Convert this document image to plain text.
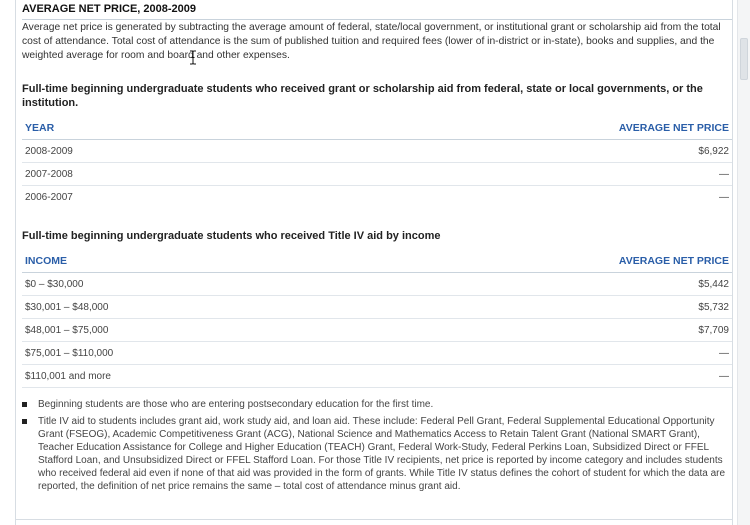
AVERAGE NET PRICE, 2008-2009
Average net price is generated by subtracting the average amount of federal, state/local government, or institutional grant or scholarship aid from the total cost of attendance. Total cost of attendance is the sum of published tuition and required fees (lower of in-district or in-state), books and supplies, and the weighted average for room and board and other expenses.
Full-time beginning undergraduate students who received grant or scholarship aid from federal, state or local governments, or the institution.
YEAR	AVERAGE NET PRICE
2008-2009	$6,922
2007-2008	—
2006-2007	—
Full-time beginning undergraduate students who received Title IV aid by income
INCOME	AVERAGE NET PRICE
$0 – $30,000	$5,442
$30,001 – $48,000	$5,732
$48,001 – $75,000	$7,709
$75,001 – $110,000	—
$110,001 and more	—
Beginning students are those who are entering postsecondary education for the first time.
Title IV aid to students includes grant aid, work study aid, and loan aid. These include: Federal Pell Grant, Federal Supplemental Educational Opportunity Grant (FSEOG), Academic Competitiveness Grant (ACG), National Science and Mathematics Access to Retain Talent Grant (National SMART Grant), Teacher Education Assistance for College and Higher Education (TEACH) Grant, Federal Work-Study, Federal Perkins Loan, Subsidized Direct or FFEL Stafford Loan, and Unsubsidized Direct or FFEL Stafford Loan. For those Title IV recipients, net price is reported by income category and includes students who received federal aid even if none of that aid was provided in the form of grants. While Title IV status defines the cohort of student for which the data are reported, the definition of net price remains the same – total cost of attendance minus grant aid.
